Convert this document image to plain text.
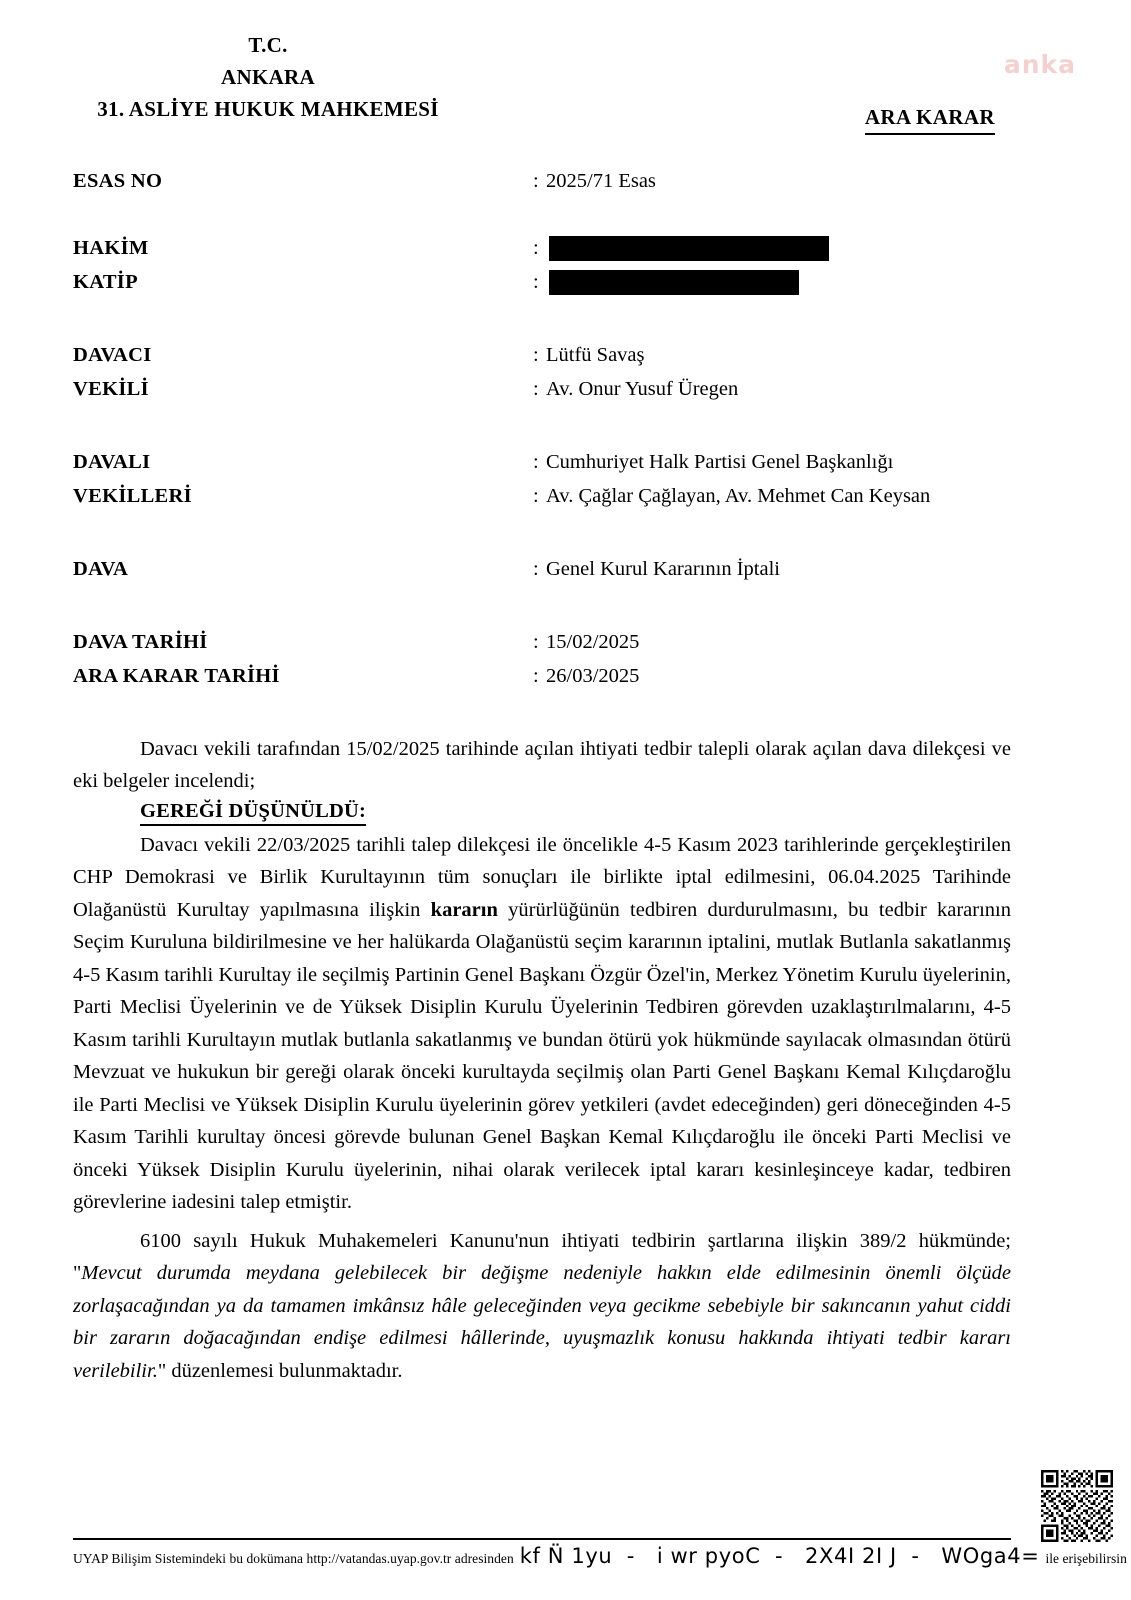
anka
T.C.
ANKARA
31. ASLİYE HUKUK MAHKEMESİ	ARA KARAR
ESAS NO	: 2025/71 Esas
HAKİM	:
KATİP	:
DAVACI	: Lütfü Savaş
VEKİLİ	: Av. Onur Yusuf Üregen
DAVALI	: Cumhuriyet Halk Partisi Genel Başkanlığı
VEKİLLERİ	: Av. Çağlar Çağlayan, Av. Mehmet Can Keysan
DAVA	: Genel Kurul Kararının İptali
DAVA TARİHİ	: 15/02/2025
ARA KARAR TARİHİ	: 26/03/2025

Davacı vekili tarafından 15/02/2025 tarihinde açılan ihtiyati tedbir talepli olarak açılan dava dilekçesi ve eki belgeler incelendi;

GEREĞİ DÜŞÜNÜLDÜ:

Davacı vekili 22/03/2025 tarihli talep dilekçesi ile öncelikle 4-5 Kasım 2023 tarihlerinde gerçekleştirilen CHP Demokrasi ve Birlik Kurultayının tüm sonuçları ile birlikte iptal edilmesini, 06.04.2025 Tarihinde Olağanüstü Kurultay yapılmasına ilişkin kararın yürürlüğünün tedbiren durdurulmasını, bu tedbir kararının Seçim Kuruluna bildirilmesine ve her halükarda Olağanüstü seçim kararının iptalini, mutlak Butlanla sakatlanmış 4-5 Kasım tarihli Kurultay ile seçilmiş Partinin Genel Başkanı Özgür Özel'in, Merkez Yönetim Kurulu üyelerinin, Parti Meclisi Üyelerinin ve de Yüksek Disiplin Kurulu Üyelerinin Tedbiren görevden uzaklaştırılmalarını, 4-5 Kasım tarihli Kurultayın mutlak butlanla sakatlanmış ve bundan ötürü yok hükmünde sayılacak olmasından ötürü Mevzuat ve hukukun bir gereği olarak önceki kurultayda seçilmiş olan Parti Genel Başkanı Kemal Kılıçdaroğlu ile Parti Meclisi ve Yüksek Disiplin Kurulu üyelerinin görev yetkileri (avdet edeceğinden) geri döneceğinden 4-5 Kasım Tarihli kurultay öncesi görevde bulunan Genel Başkan Kemal Kılıçdaroğlu ile önceki Parti Meclisi ve önceki Yüksek Disiplin Kurulu üyelerinin, nihai olarak verilecek iptal kararı kesinleşinceye kadar, tedbiren görevlerine iadesini talep etmiştir.

6100 sayılı Hukuk Muhakemeleri Kanunu'nun ihtiyati tedbirin şartlarına ilişkin 389/2 hükmünde; "Mevcut durumda meydana gelebilecek bir değişme nedeniyle hakkın elde edilmesinin önemli ölçüde zorlaşacağından ya da tamamen imkânsız hâle geleceğinden veya gecikme sebebiyle bir sakıncanın yahut ciddi bir zararın doğacağından endişe edilmesi hâllerinde, uyuşmazlık konusu hakkında ihtiyati tedbir kararı verilebilir." düzenlemesi bulunmaktadır.

UYAP Bilişim Sistemindeki bu dokümana http://vatandas.uyap.gov.tr adresinden kf N̈ 1yu  -   i wr pyoC  -   2X4I 2I J  -   WOga4= ile erişebilirsin
